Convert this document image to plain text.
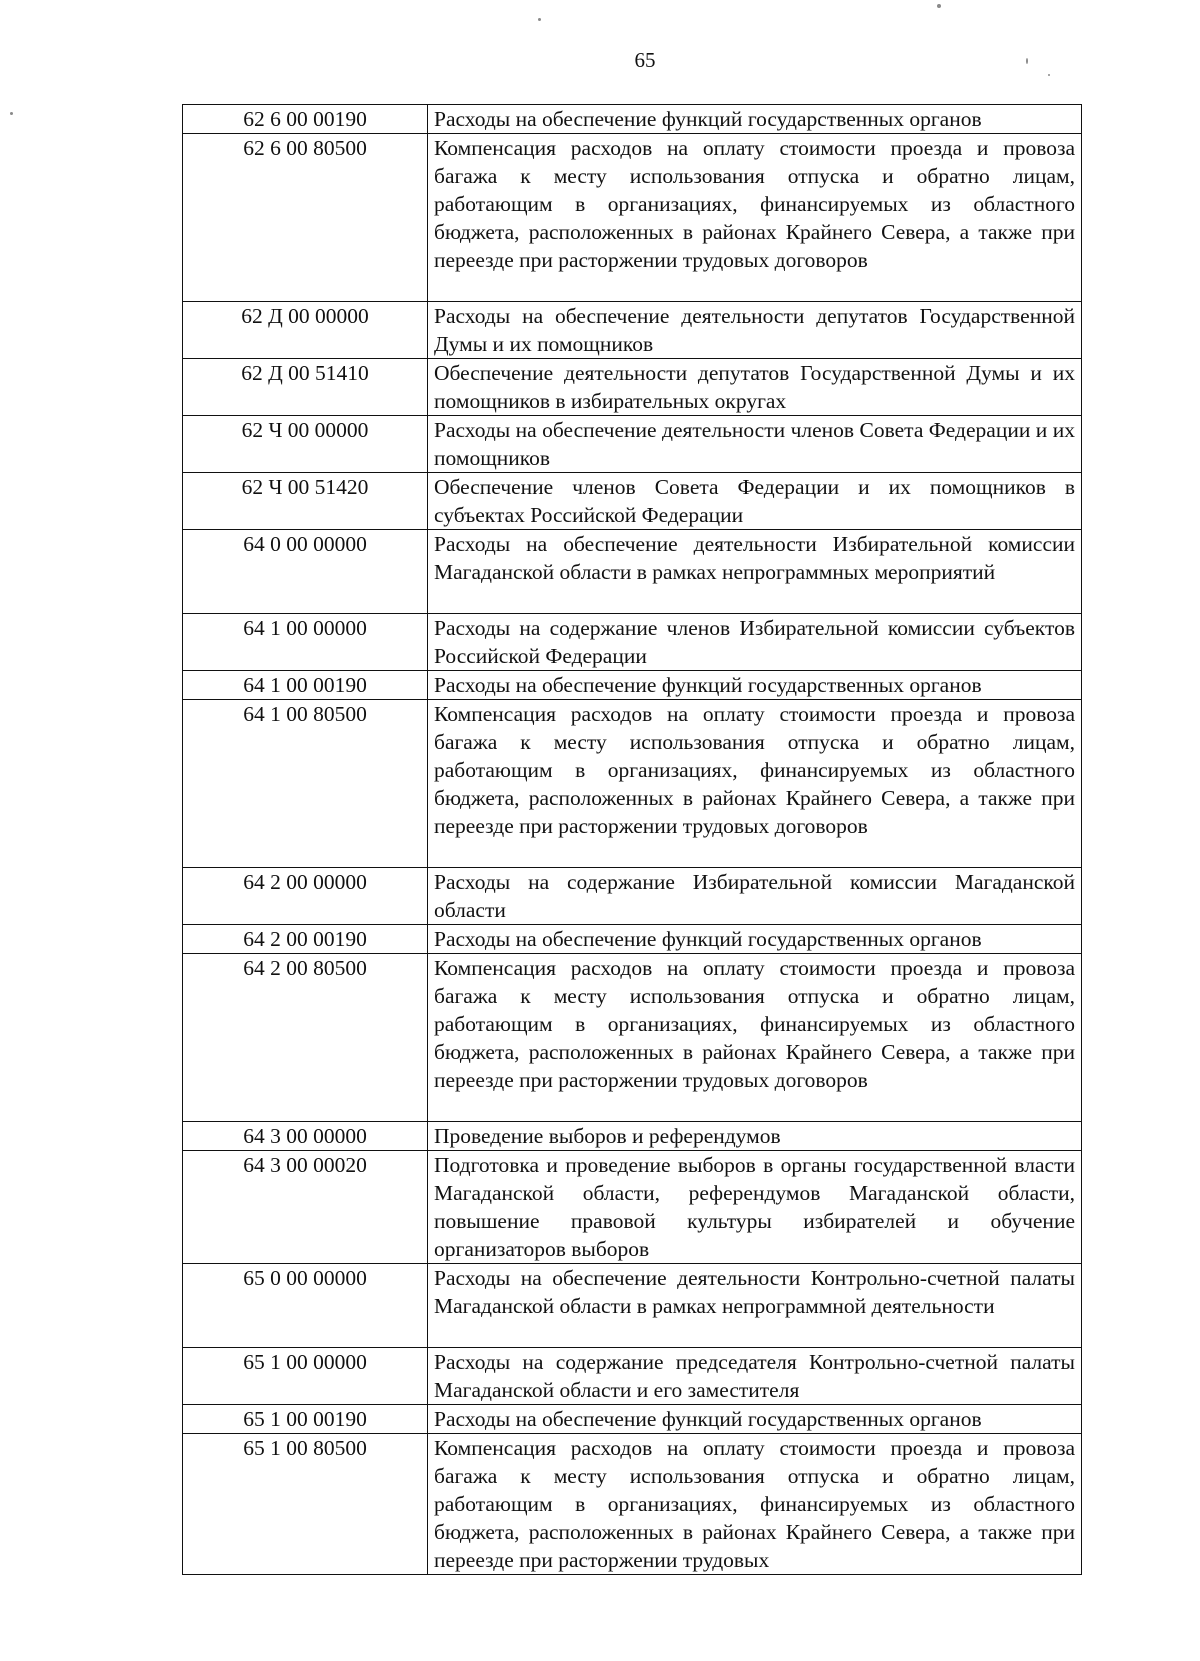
65
62 6 00 00190	Расходы на обеспечение функций государственных органов
62 6 00 80500	Компенсация расходов на оплату стоимости проезда и провоза багажа к месту использования отпуска и обратно лицам, работающим в организациях, финансируемых из областного бюджета, расположенных в районах Крайнего Севера, а также при переезде при расторжении трудовых договоров
62 Д 00 00000	Расходы на обеспечение деятельности депутатов Государственной Думы и их помощников
62 Д 00 51410	Обеспечение деятельности депутатов Государственной Думы и их помощников в избирательных округах
62 Ч 00 00000	Расходы на обеспечение деятельности членов Совета Федерации и их помощников
62 Ч 00 51420	Обеспечение членов Совета Федерации и их помощников в субъектах Российской Федерации
64 0 00 00000	Расходы на обеспечение деятельности Избирательной комиссии Магаданской области в рамках непрограммных мероприятий
64 1 00 00000	Расходы на содержание членов Избирательной комиссии субъектов Российской Федерации
64 1 00 00190	Расходы на обеспечение функций государственных органов
64 1 00 80500	Компенсация расходов на оплату стоимости проезда и провоза багажа к месту использования отпуска и обратно лицам, работающим в организациях, финансируемых из областного бюджета, расположенных в районах Крайнего Севера, а также при переезде при расторжении трудовых договоров
64 2 00 00000	Расходы на содержание Избирательной комиссии Магаданской области
64 2 00 00190	Расходы на обеспечение функций государственных органов
64 2 00 80500	Компенсация расходов на оплату стоимости проезда и провоза багажа к месту использования отпуска и обратно лицам, работающим в организациях, финансируемых из областного бюджета, расположенных в районах Крайнего Севера, а также при переезде при расторжении трудовых договоров
64 3 00 00000	Проведение выборов и референдумов
64 3 00 00020	Подготовка и проведение выборов в органы государственной власти Магаданской области, референдумов Магаданской области, повышение правовой культуры избирателей и обучение организаторов выборов
65 0 00 00000	Расходы на обеспечение деятельности Контрольно-счетной палаты Магаданской области в рамках непрограммной деятельности
65 1 00 00000	Расходы на содержание председателя Контрольно-счетной палаты Магаданской области и его заместителя
65 1 00 00190	Расходы на обеспечение функций государственных органов
65 1 00 80500	Компенсация расходов на оплату стоимости проезда и провоза багажа к месту использования отпуска и обратно лицам, работающим в организациях, финансируемых из областного бюджета, расположенных в районах Крайнего Севера, а также при переезде при расторжении трудовых
